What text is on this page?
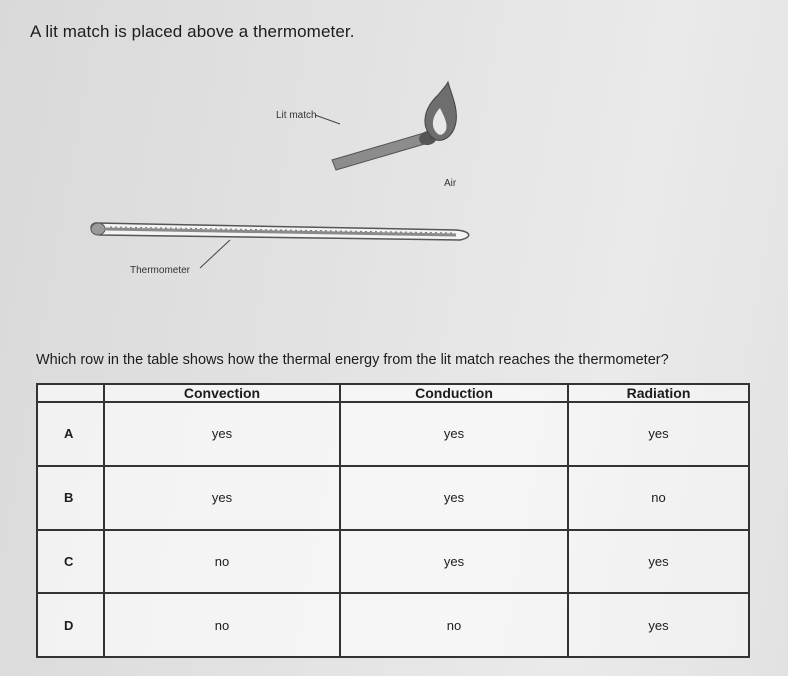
A lit match is placed above a thermometer.

Lit match
Air
Thermometer

Which row in the table shows how the thermal energy from the lit match reaches the thermometer?

	Convection	Conduction	Radiation
A	yes	yes	yes
B	yes	yes	no
C	no	yes	yes
D	no	no	yes
